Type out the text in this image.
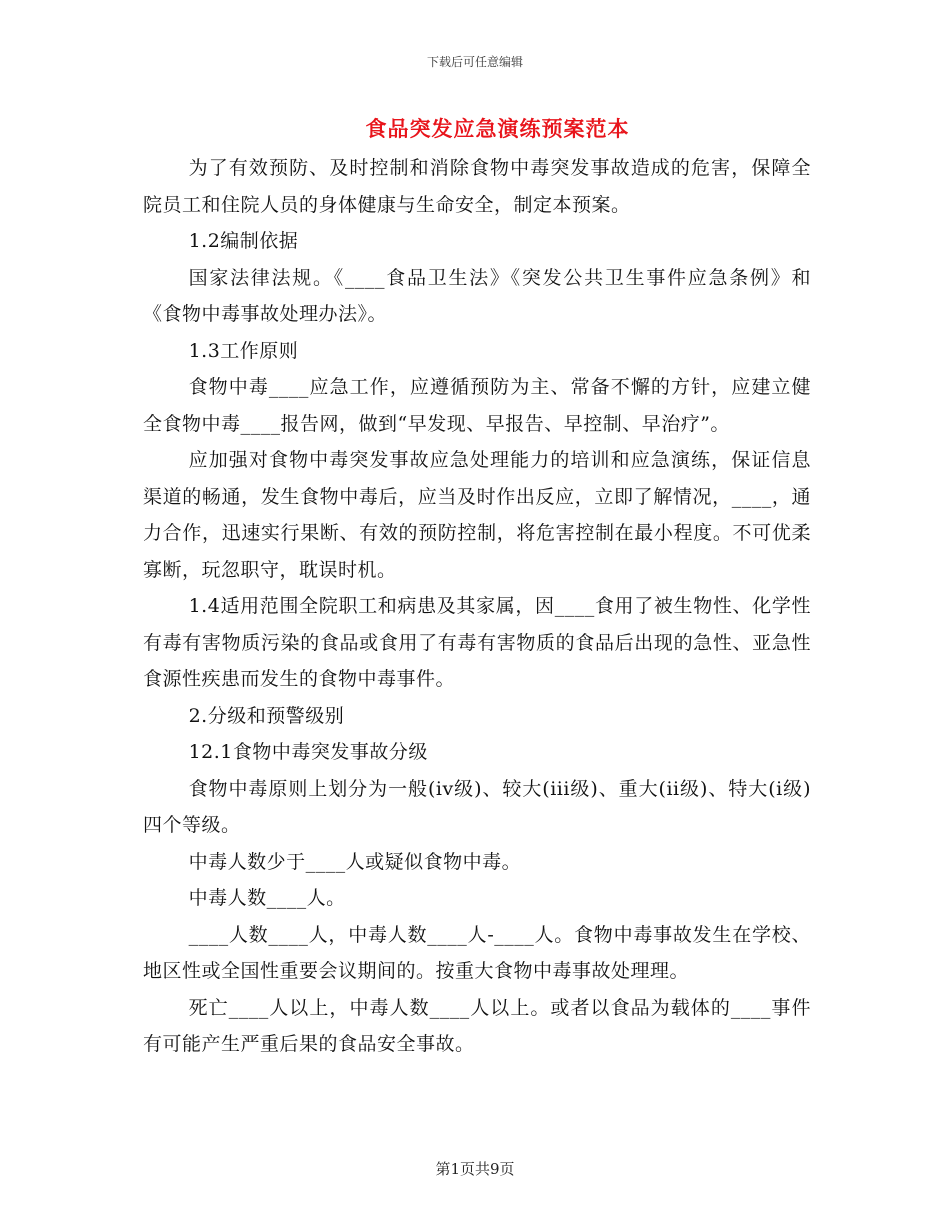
下载后可任意编辑
食品突发应急演练预案范本

为了有效预防、及时控制和消除食物中毒突发事故造成的危害，保障全院员工和住院人员的身体健康与生命安全，制定本预案。

1.2编制依据

国家法律法规。《____食品卫生法》《突发公共卫生事件应急条例》和《食物中毒事故处理办法》。

1.3工作原则

食物中毒____应急工作，应遵循预防为主、常备不懈的方针，应建立健全食物中毒____报告网，做到“早发现、早报告、早控制、早治疗”。

应加强对食物中毒突发事故应急处理能力的培训和应急演练，保证信息渠道的畅通，发生食物中毒后，应当及时作出反应，立即了解情况，____，通力合作，迅速实行果断、有效的预防控制，将危害控制在最小程度。不可优柔寡断，玩忽职守，耽误时机。

1.4适用范围全院职工和病患及其家属，因____食用了被生物性、化学性有毒有害物质污染的食品或食用了有毒有害物质的食品后出现的急性、亚急性食源性疾患而发生的食物中毒事件。

2.分级和预警级别

12.1食物中毒突发事故分级

食物中毒原则上划分为一般(iv级)、较大(iii级)、重大(ii级)、特大(i级)四个等级。

中毒人数少于____人或疑似食物中毒。

中毒人数____人。

____人数____人，中毒人数____人-____人。食物中毒事故发生在学校、地区性或全国性重要会议期间的。按重大食物中毒事故处理理。

死亡____人以上，中毒人数____人以上。或者以食品为载体的____事件有可能产生严重后果的食品安全事故。

第1页共9页
